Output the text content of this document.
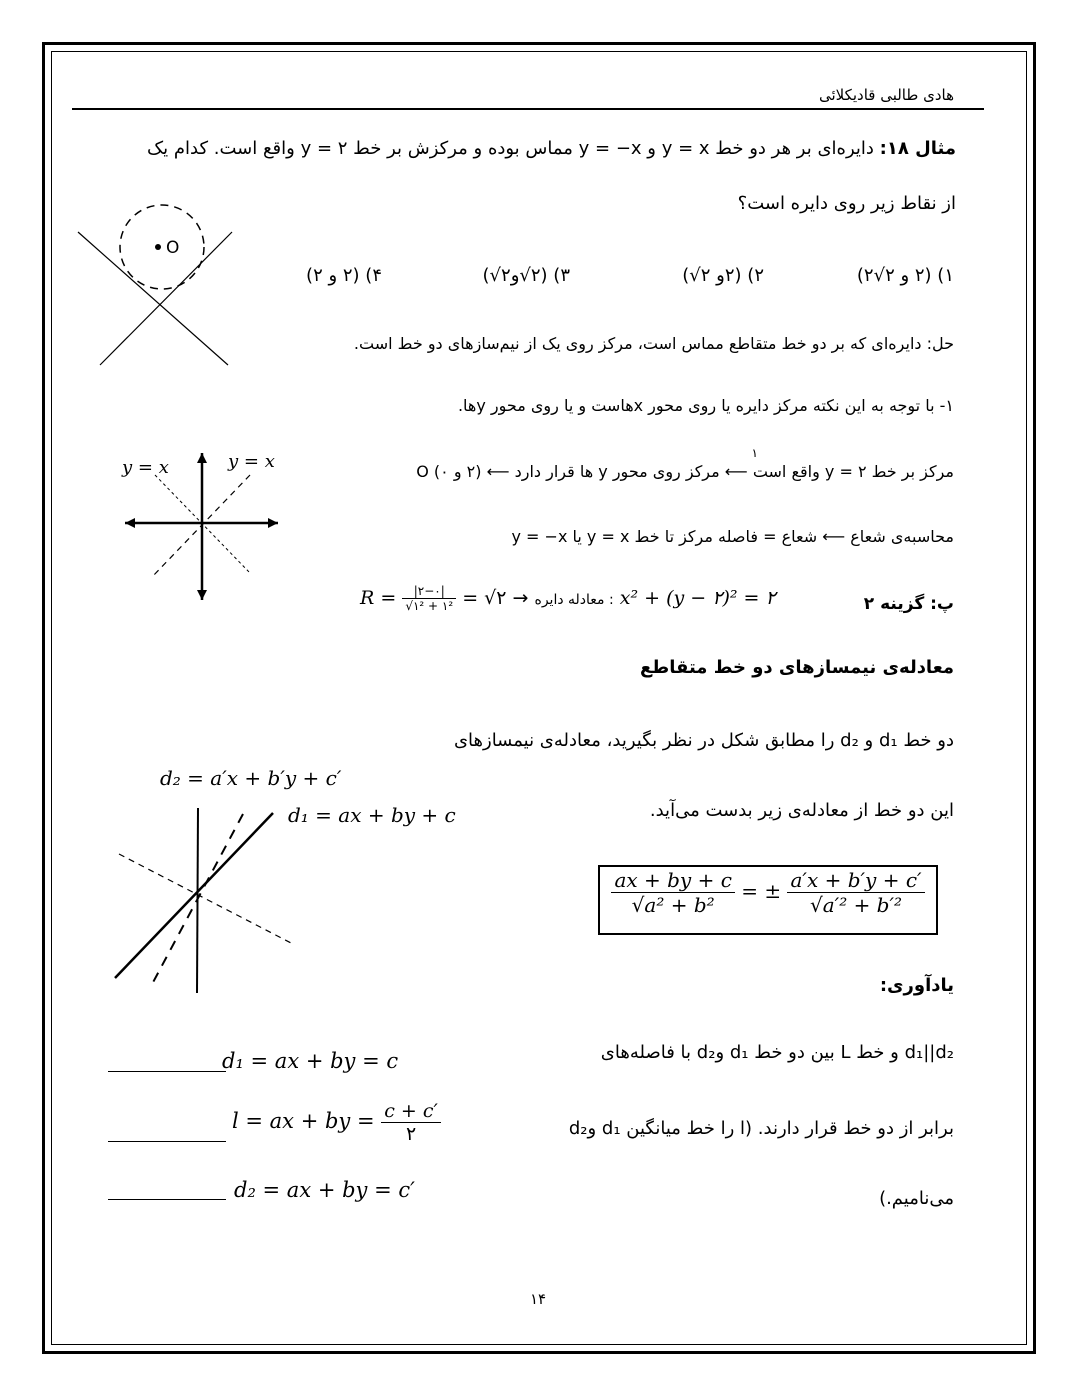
هادی طالبی قادیکلائی
مثال ۱۸: دایره‌ای بر هر دو خط y = x و y = −x مماس بوده و مرکزش بر خط y = ۲ واقع است. کدام یک
از نقاط زیر روی دایره است؟
O
۱) (۲ و ۲√۲)
۲) (۲و ۲√)
۳) (۲√و۲√)
۴) (۲ و ۲)
حل: دایره‌ای که بر دو خط متقاطع مماس است، مرکز روی یک از نیم‌سازهای دو خط است.
۱- با توجه به این نکته مرکز دایره یا روی محور xهاست و یا روی محور yها.
۱
مرکز بر خط y = ۲ واقع است ⟵ مرکز روی محور y ها قرار دارد ⟵ (۲ و ۰) O
محاسبه‌ی شعاع ⟵ شعاع = فاصله مرکز تا خط y = x یا y = −x
y = x	y = x
پ: گزینه ۲
$R = \frac{|۲-۰|}{\text{√۱² + ۱²}}$ = √۲ → معادله دایره : x² + (y − ۲)² = ۲
معادله‌ی نیمسازهای دو خط متقاطع
دو خط d₁ و d₂ را مطابق شکل در نظر بگیرید، معادله‌ی نیمسازهای
این دو خط از معادله‌ی زیر بدست می‌آید.
d₂ = a′x + b′y + c′
d₁ = ax + by + c
$\frac{ax + by + c}{\text{√a² + b²}}$ = ± $\frac{a'x + b'y + c'}{\text{√a′² + b′²}}$
یادآوری:
d₁||d₂ و خط L بین دو خط d₁ وd₂ با فاصله‌های
برابر از دو خط قرار دارند. (l را خط میانگین d₁ وd₂
می‌نامیم.)
d₁ = ax + by = c
l = ax + by = $\frac{c + c'}{۲}$
d₂ = ax + by = c′
۱۴
